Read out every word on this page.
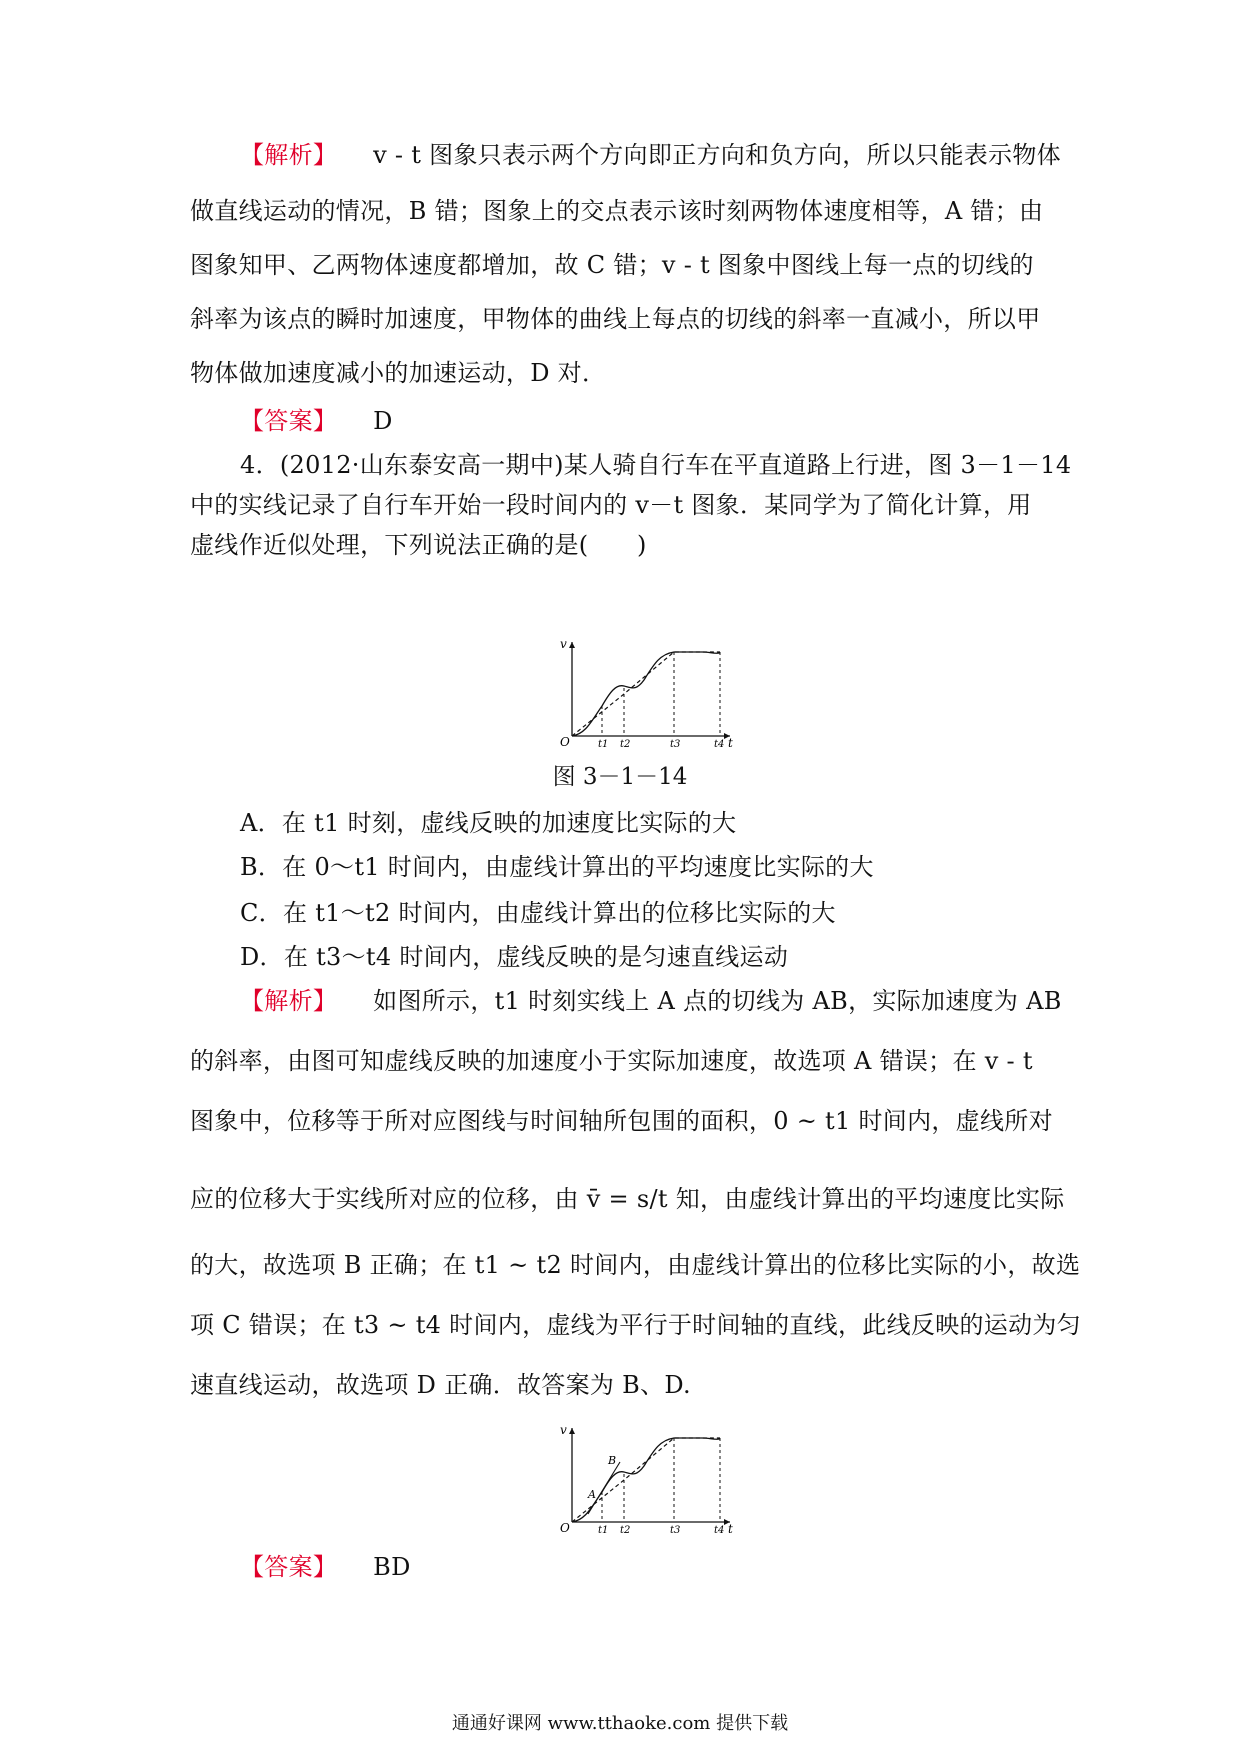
【解析】 v - t 图象只表示两个方向即正方向和负方向，所以只能表示物体
做直线运动的情况，B 错；图象上的交点表示该时刻两物体速度相等，A 错；由
图象知甲、乙两物体速度都增加，故 C 错；v - t 图象中图线上每一点的切线的
斜率为该点的瞬时加速度，甲物体的曲线上每点的切线的斜率一直减小，所以甲
物体做加速度减小的加速运动，D 对．
【答案】 D
4．(2012·山东泰安高一期中)某人骑自行车在平直道路上行进，图 3－1－14
中的实线记录了自行车开始一段时间内的 v－t 图象．某同学为了简化计算，用
虚线作近似处理，下列说法正确的是(　　)
v
O	t1 t2	t3	t4 t
图 3－1－14
A．在 t1 时刻，虚线反映的加速度比实际的大
B．在 0～t1 时间内，由虚线计算出的平均速度比实际的大
C．在 t1～t2 时间内，由虚线计算出的位移比实际的大
D．在 t3～t4 时间内，虚线反映的是匀速直线运动
【解析】 如图所示，t1 时刻实线上 A 点的切线为 AB，实际加速度为 AB
的斜率，由图可知虚线反映的加速度小于实际加速度，故选项 A 错误；在 v - t
图象中，位移等于所对应图线与时间轴所包围的面积，0 ~ t1 时间内，虚线所对
应的位移大于实线所对应的位移，由 v̄ = s/t 知，由虚线计算出的平均速度比实际
的大，故选项 B 正确；在 t1 ~ t2 时间内，由虚线计算出的位移比实际的小，故选
项 C 错误；在 t3 ~ t4 时间内，虚线为平行于时间轴的直线，此线反映的运动为匀
速直线运动，故选项 D 正确．故答案为 B、D.
v
O
A
B
t1 t2	t3	t4 t
【答案】 BD
通通好课网 www.tthaoke.com 提供下载
